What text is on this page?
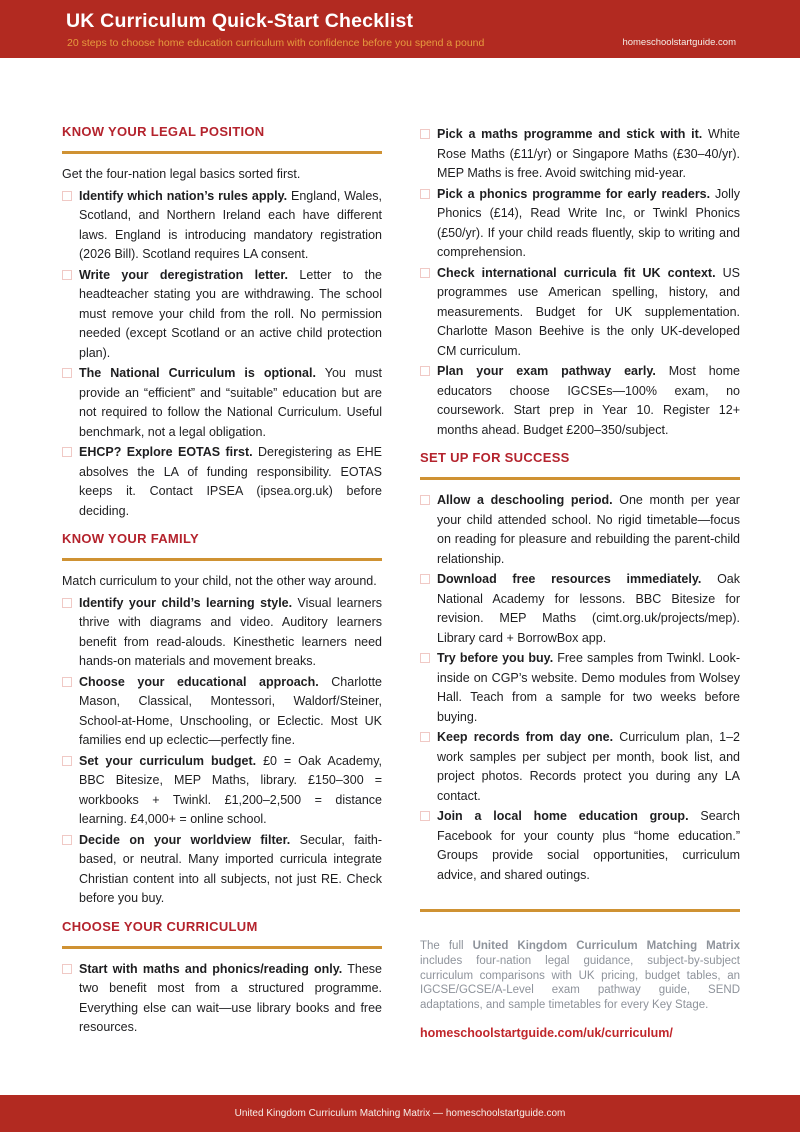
UK Curriculum Quick-Start Checklist
20 steps to choose home education curriculum with confidence before you spend a pound	homeschoolstartguide.com
KNOW YOUR LEGAL POSITION
Get the four-nation legal basics sorted first.
Identify which nation’s rules apply. England, Wales, Scotland, and Northern Ireland each have different laws. England is introducing mandatory registration (2026 Bill). Scotland requires LA consent.
Write your deregistration letter. Letter to the headteacher stating you are withdrawing. The school must remove your child from the roll. No permission needed (except Scotland or an active child protection plan).
The National Curriculum is optional. You must provide an “efficient” and “suitable” education but are not required to follow the National Curriculum. Useful benchmark, not a legal obligation.
EHCP? Explore EOTAS first. Deregistering as EHE absolves the LA of funding responsibility. EOTAS keeps it. Contact IPSEA (ipsea.org.uk) before deciding.
KNOW YOUR FAMILY
Match curriculum to your child, not the other way around.
Identify your child’s learning style. Visual learners thrive with diagrams and video. Auditory learners benefit from read-alouds. Kinesthetic learners need hands-on materials and movement breaks.
Choose your educational approach. Charlotte Mason, Classical, Montessori, Waldorf/Steiner, School-at-Home, Unschooling, or Eclectic. Most UK families end up eclectic—perfectly fine.
Set your curriculum budget. £0 = Oak Academy, BBC Bitesize, MEP Maths, library. £150–300 = workbooks + Twinkl. £1,200–2,500 = distance learning. £4,000+ = online school.
Decide on your worldview filter. Secular, faith-based, or neutral. Many imported curricula integrate Christian content into all subjects, not just RE. Check before you buy.
CHOOSE YOUR CURRICULUM
Start with maths and phonics/reading only. These two benefit most from a structured programme. Everything else can wait—use library books and free resources.
Pick a maths programme and stick with it. White Rose Maths (£11/yr) or Singapore Maths (£30–40/yr). MEP Maths is free. Avoid switching mid-year.
Pick a phonics programme for early readers. Jolly Phonics (£14), Read Write Inc, or Twinkl Phonics (£50/yr). If your child reads fluently, skip to writing and comprehension.
Check international curricula fit UK context. US programmes use American spelling, history, and measurements. Budget for UK supplementation. Charlotte Mason Beehive is the only UK-developed CM curriculum.
Plan your exam pathway early. Most home educators choose IGCSEs—100% exam, no coursework. Start prep in Year 10. Register 12+ months ahead. Budget £200–350/subject.
SET UP FOR SUCCESS
Allow a deschooling period. One month per year your child attended school. No rigid timetable—focus on reading for pleasure and rebuilding the parent-child relationship.
Download free resources immediately. Oak National Academy for lessons. BBC Bitesize for revision. MEP Maths (cimt.org.uk/projects/mep). Library card + BorrowBox app.
Try before you buy. Free samples from Twinkl. Look-inside on CGP’s website. Demo modules from Wolsey Hall. Teach from a sample for two weeks before buying.
Keep records from day one. Curriculum plan, 1–2 work samples per subject per month, book list, and project photos. Records protect you during any LA contact.
Join a local home education group. Search Facebook for your county plus “home education.” Groups provide social opportunities, curriculum advice, and shared outings.
The full United Kingdom Curriculum Matching Matrix includes four-nation legal guidance, subject-by-subject curriculum comparisons with UK pricing, budget tables, an IGCSE/GCSE/A-Level exam pathway guide, SEND adaptations, and sample timetables for every Key Stage.
homeschoolstartguide.com/uk/curriculum/
United Kingdom Curriculum Matching Matrix — homeschoolstartguide.com
